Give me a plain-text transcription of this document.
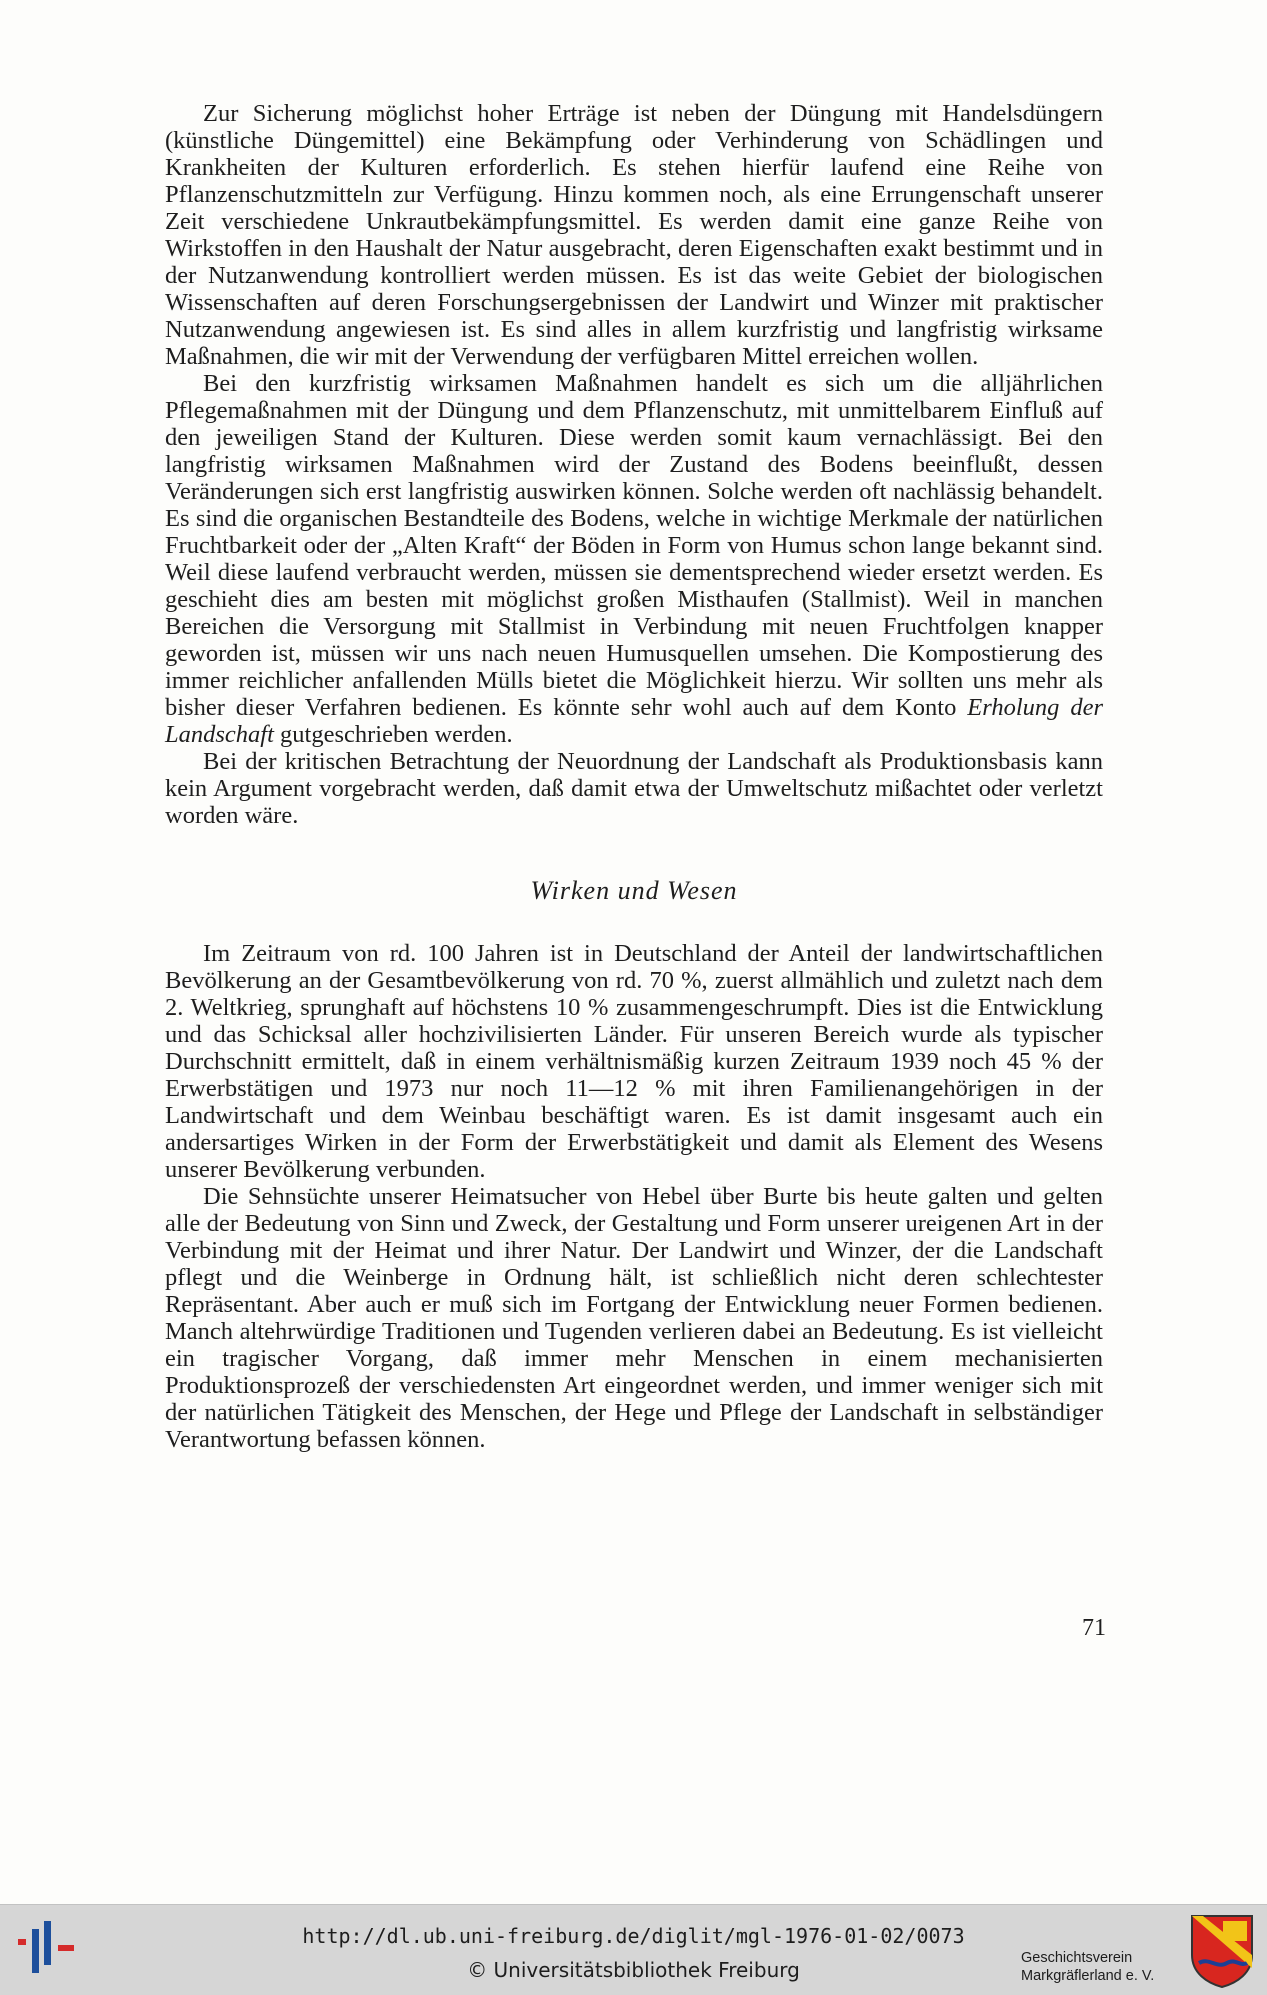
Zur Sicherung möglichst hoher Erträge ist neben der Düngung mit Handelsdüngern (künstliche Düngemittel) eine Bekämpfung oder Verhinderung von Schädlingen und Krankheiten der Kulturen erforderlich. Es stehen hierfür laufend eine Reihe von Pflanzenschutzmitteln zur Verfügung. Hinzu kommen noch, als eine Errungenschaft unserer Zeit verschiedene Unkrautbekämpfungsmittel. Es werden damit eine ganze Reihe von Wirkstoffen in den Haushalt der Natur ausgebracht, deren Eigenschaften exakt bestimmt und in der Nutzanwendung kontrolliert werden müssen. Es ist das weite Gebiet der biologischen Wissenschaften auf deren Forschungsergebnissen der Landwirt und Winzer mit praktischer Nutzanwendung angewiesen ist. Es sind alles in allem kurzfristig und langfristig wirksame Maßnahmen, die wir mit der Verwendung der verfügbaren Mittel erreichen wollen.

Bei den kurzfristig wirksamen Maßnahmen handelt es sich um die alljährlichen Pflegemaßnahmen mit der Düngung und dem Pflanzenschutz, mit unmittelbarem Einfluß auf den jeweiligen Stand der Kulturen. Diese werden somit kaum vernachlässigt. Bei den langfristig wirksamen Maßnahmen wird der Zustand des Bodens beeinflußt, dessen Veränderungen sich erst langfristig auswirken können. Solche werden oft nachlässig behandelt. Es sind die organischen Bestandteile des Bodens, welche in wichtige Merkmale der natürlichen Fruchtbarkeit oder der „Alten Kraft“ der Böden in Form von Humus schon lange bekannt sind. Weil diese laufend verbraucht werden, müssen sie dementsprechend wieder ersetzt werden. Es geschieht dies am besten mit möglichst großen Misthaufen (Stallmist). Weil in manchen Bereichen die Versorgung mit Stallmist in Verbindung mit neuen Fruchtfolgen knapper geworden ist, müssen wir uns nach neuen Humusquellen umsehen. Die Kompostierung des immer reichlicher anfallenden Mülls bietet die Möglichkeit hierzu. Wir sollten uns mehr als bisher dieser Verfahren bedienen. Es könnte sehr wohl auch auf dem Konto Erholung der Landschaft gutgeschrieben werden.

Bei der kritischen Betrachtung der Neuordnung der Landschaft als Produktionsbasis kann kein Argument vorgebracht werden, daß damit etwa der Umweltschutz mißachtet oder verletzt worden wäre.

Wirken und Wesen

Im Zeitraum von rd. 100 Jahren ist in Deutschland der Anteil der landwirtschaftlichen Bevölkerung an der Gesamtbevölkerung von rd. 70 %, zuerst allmählich und zuletzt nach dem 2. Weltkrieg, sprunghaft auf höchstens 10 % zusammengeschrumpft. Dies ist die Entwicklung und das Schicksal aller hochzivilisierten Länder. Für unseren Bereich wurde als typischer Durchschnitt ermittelt, daß in einem verhältnismäßig kurzen Zeitraum 1939 noch 45 % der Erwerbstätigen und 1973 nur noch 11—12 % mit ihren Familienangehörigen in der Landwirtschaft und dem Weinbau beschäftigt waren. Es ist damit insgesamt auch ein andersartiges Wirken in der Form der Erwerbstätigkeit und damit als Element des Wesens unserer Bevölkerung verbunden.

Die Sehnsüchte unserer Heimatsucher von Hebel über Burte bis heute galten und gelten alle der Bedeutung von Sinn und Zweck, der Gestaltung und Form unserer ureigenen Art in der Verbindung mit der Heimat und ihrer Natur. Der Landwirt und Winzer, der die Landschaft pflegt und die Weinberge in Ordnung hält, ist schließlich nicht deren schlechtester Repräsentant. Aber auch er muß sich im Fortgang der Entwicklung neuer Formen bedienen. Manch altehrwürdige Traditionen und Tugenden verlieren dabei an Bedeutung. Es ist vielleicht ein tragischer Vorgang, daß immer mehr Menschen in einem mechanisierten Produktionsprozeß der verschiedensten Art eingeordnet werden, und immer weniger sich mit der natürlichen Tätigkeit des Menschen, der Hege und Pflege der Landschaft in selbständiger Verantwortung befassen können.

71
http://dl.ub.uni-freiburg.de/diglit/mgl-1976-01-02/0073
© Universitätsbibliothek Freiburg	Geschichtsverein
Markgräflerland e. V.
